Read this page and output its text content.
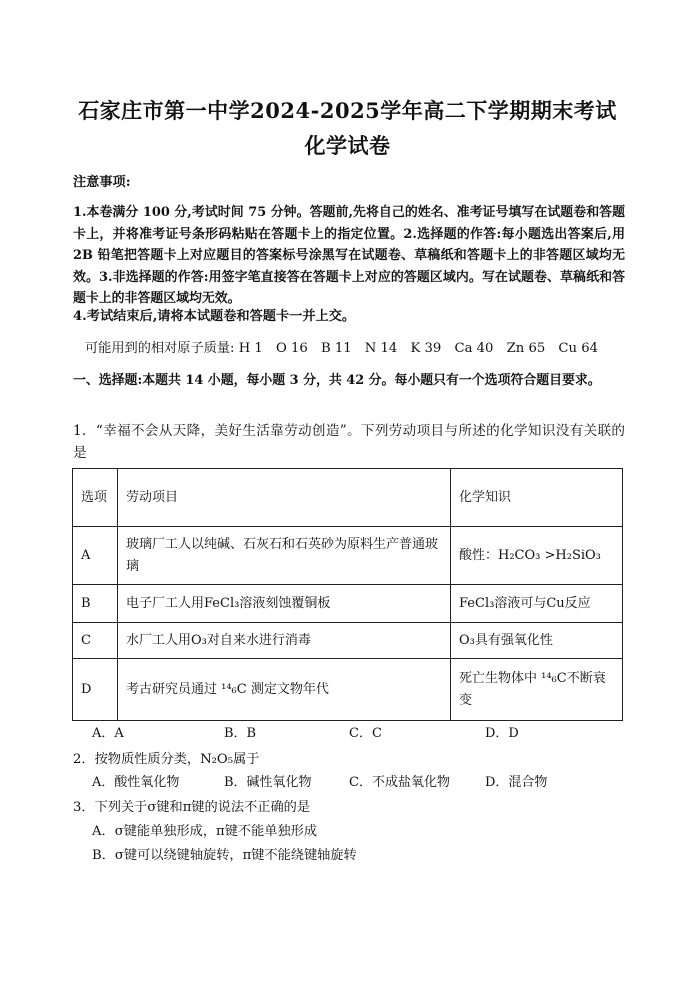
石家庄市第一中学2024-2025学年高二下学期期末考试
化学试卷
注意事项:
1.本卷满分 100 分,考试时间 75 分钟。答题前,先将自己的姓名、准考证号填写在试题卷和答题卡上，并将准考证号条形码粘贴在答题卡上的指定位置。2.选择题的作答:每小题选出答案后,用2B 铅笔把答题卡上对应题目的答案标号涂黑写在试题卷、草稿纸和答题卡上的非答题区域均无效。3.非选择题的作答:用签字笔直接答在答题卡上对应的答题区域内。写在试题卷、草稿纸和答题卡上的非答题区域均无效。
4.考试结束后,请将本试题卷和答题卡一并上交。
可能用到的相对原子质量: H 1　O 16　B 11　N 14　K 39　Ca 40　Zn 65　Cu 64
一、选择题:本题共 14 小题，每小题 3 分，共 42 分。每小题只有一个选项符合题目要求。
1．“幸福不会从天降，美好生活靠劳动创造”。下列劳动项目与所述的化学知识没有关联的是
选项	劳动项目	化学知识
A	玻璃厂工人以纯碱、石灰石和石英砂为原料生产普通玻璃	酸性：H₂CO₃ >H₂SiO₃
B	电子厂工人用FeCl₃溶液刻蚀覆铜板	FeCl₃溶液可与Cu反应
C	水厂工人用O₃对自来水进行消毒	O₃具有强氧化性
D	考古研究员通过 ¹⁴₆C 测定文物年代	死亡生物体中 ¹⁴₆C不断衰变
A．A	B．B	C．C	D．D
2．按物质性质分类，N₂O₅属于
A．酸性氧化物	B．碱性氧化物	C．不成盐氧化物	D．混合物
3．下列关于σ键和π键的说法不正确的是
A．σ键能单独形成，π键不能单独形成
B．σ键可以绕键轴旋转，π键不能绕键轴旋转
